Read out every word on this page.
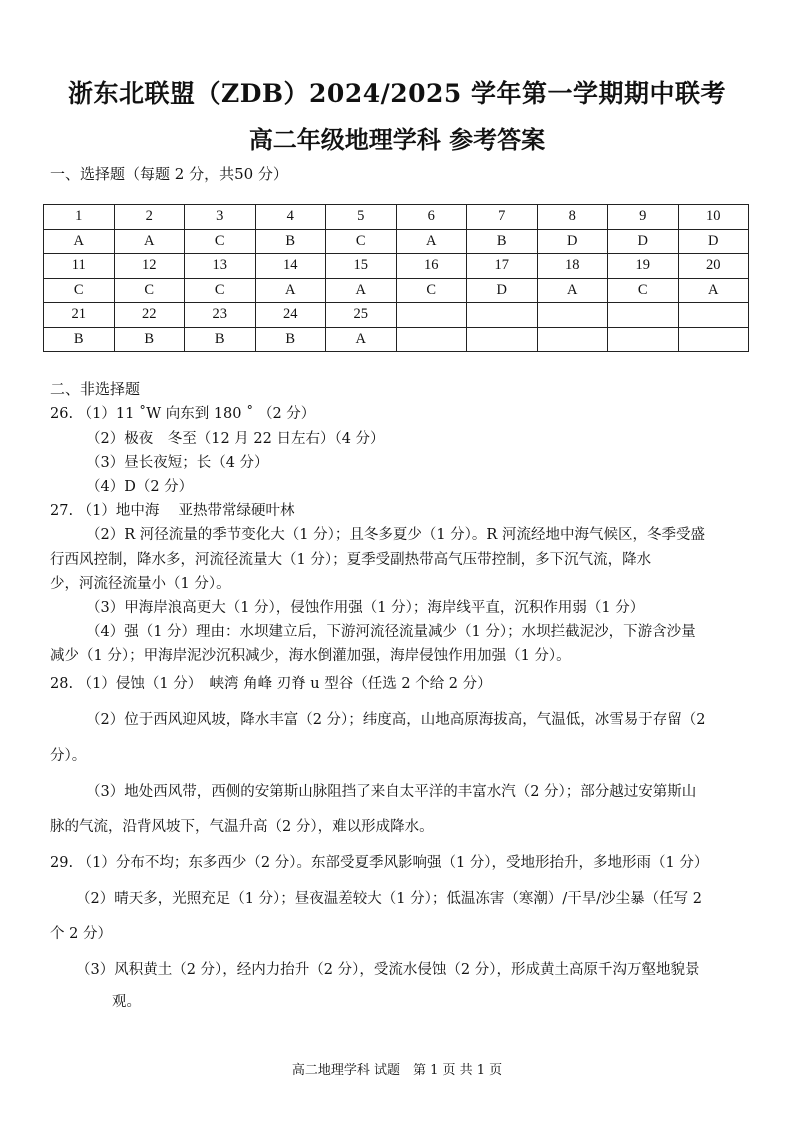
浙东北联盟（ZDB）2024/2025 学年第一学期期中联考
高二年级地理学科 参考答案
一、选择题（每题 2 分，共50 分）
1	2	3	4	5	6	7	8	9	10
A	A	C	B	C	A	B	D	D	D
11	12	13	14	15	16	17	18	19	20
C	C	C	A	A	C	D	A	C	A
21	22	23	24	25					
B	B	B	B	A					
二、非选择题
26. （1）11 ˚W 向东到 180 ˚ （2 分）
（2）极夜　冬至（12 月 22 日左右）（4 分）
（3）昼长夜短；长（4 分）
（4）D（2 分）
27. （1）地中海　 亚热带常绿硬叶林
（2）R 河径流量的季节变化大（1 分）；且冬多夏少（1 分）。R 河流经地中海气候区，冬季受盛
行西风控制，降水多，河流径流量大（1 分）；夏季受副热带高气压带控制，多下沉气流，降水
少，河流径流量小（1 分）。
（3）甲海岸浪高更大（1 分），侵蚀作用强（1 分）；海岸线平直，沉积作用弱（1 分）
（4）强（1 分）理由：水坝建立后，下游河流径流量减少（1 分）；水坝拦截泥沙，下游含沙量
减少（1 分）；甲海岸泥沙沉积减少，海水倒灌加强，海岸侵蚀作用加强（1 分）。
28. （1）侵蚀（1 分）　峡湾 角峰 刃脊 u 型谷（任选 2 个给 2 分）
（2）位于西风迎风坡，降水丰富（2 分）；纬度高，山地高原海拔高，气温低，冰雪易于存留（2
分）。
（3）地处西风带，西侧的安第斯山脉阻挡了来自太平洋的丰富水汽（2 分）；部分越过安第斯山
脉的气流，沿背风坡下，气温升高（2 分），难以形成降水。
29. （1）分布不均；东多西少（2 分）。东部受夏季风影响强（1 分），受地形抬升，多地形雨（1 分）
（2）晴天多，光照充足（1 分）；昼夜温差较大（1 分）；低温冻害（寒潮）/干旱/沙尘暴（任写 2
个 2 分）
（3）风积黄土（2 分），经内力抬升（2 分），受流水侵蚀（2 分），形成黄土高原千沟万壑地貌景
观。
高二地理学科 试题　第 1 页 共 1 页
